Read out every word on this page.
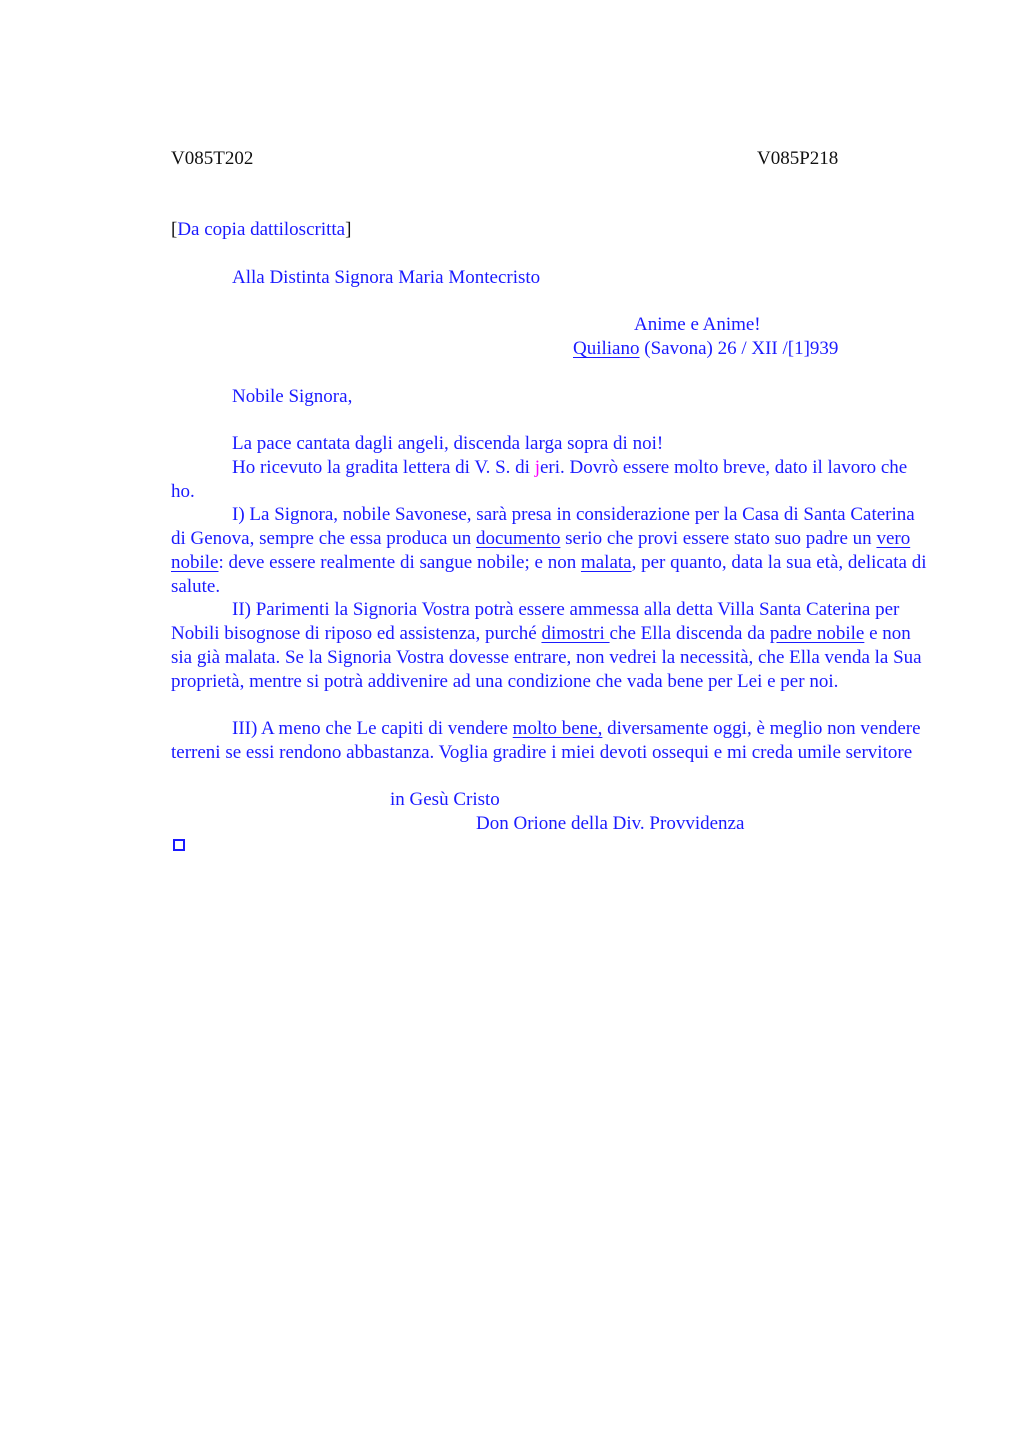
V085T202	V085P218
[Da copia dattiloscritta]
Alla Distinta Signora Maria Montecristo
Anime e Anime!
Quiliano (Savona) 26 / XII /[1]939
Nobile Signora,
La pace cantata dagli angeli, discenda larga sopra di noi!
Ho ricevuto la gradita lettera di V. S. di jeri. Dovrò essere molto breve, dato il lavoro che ho.
I) La Signora, nobile Savonese, sarà presa in considerazione per la Casa di Santa Caterina di Genova, sempre che essa produca un documento serio che provi essere stato suo padre un vero nobile: deve essere realmente di sangue nobile; e non malata, per quanto, data la sua età, delicata di salute.
II) Parimenti la Signoria Vostra potrà essere ammessa alla detta Villa Santa Caterina per Nobili bisognose di riposo ed assistenza, purché dimostri che Ella discenda da padre nobile e non sia già malata. Se la Signoria Vostra dovesse entrare, non vedrei la necessità, che Ella venda la Sua proprietà, mentre si potrà addivenire ad una condizione che vada bene per Lei e per noi.
III) A meno che Le capiti di vendere molto bene, diversamente oggi, è meglio non vendere terreni se essi rendono abbastanza. Voglia gradire i miei devoti ossequi e mi creda umile servitore
in Gesù Cristo
Don Orione della Div. Provvidenza
